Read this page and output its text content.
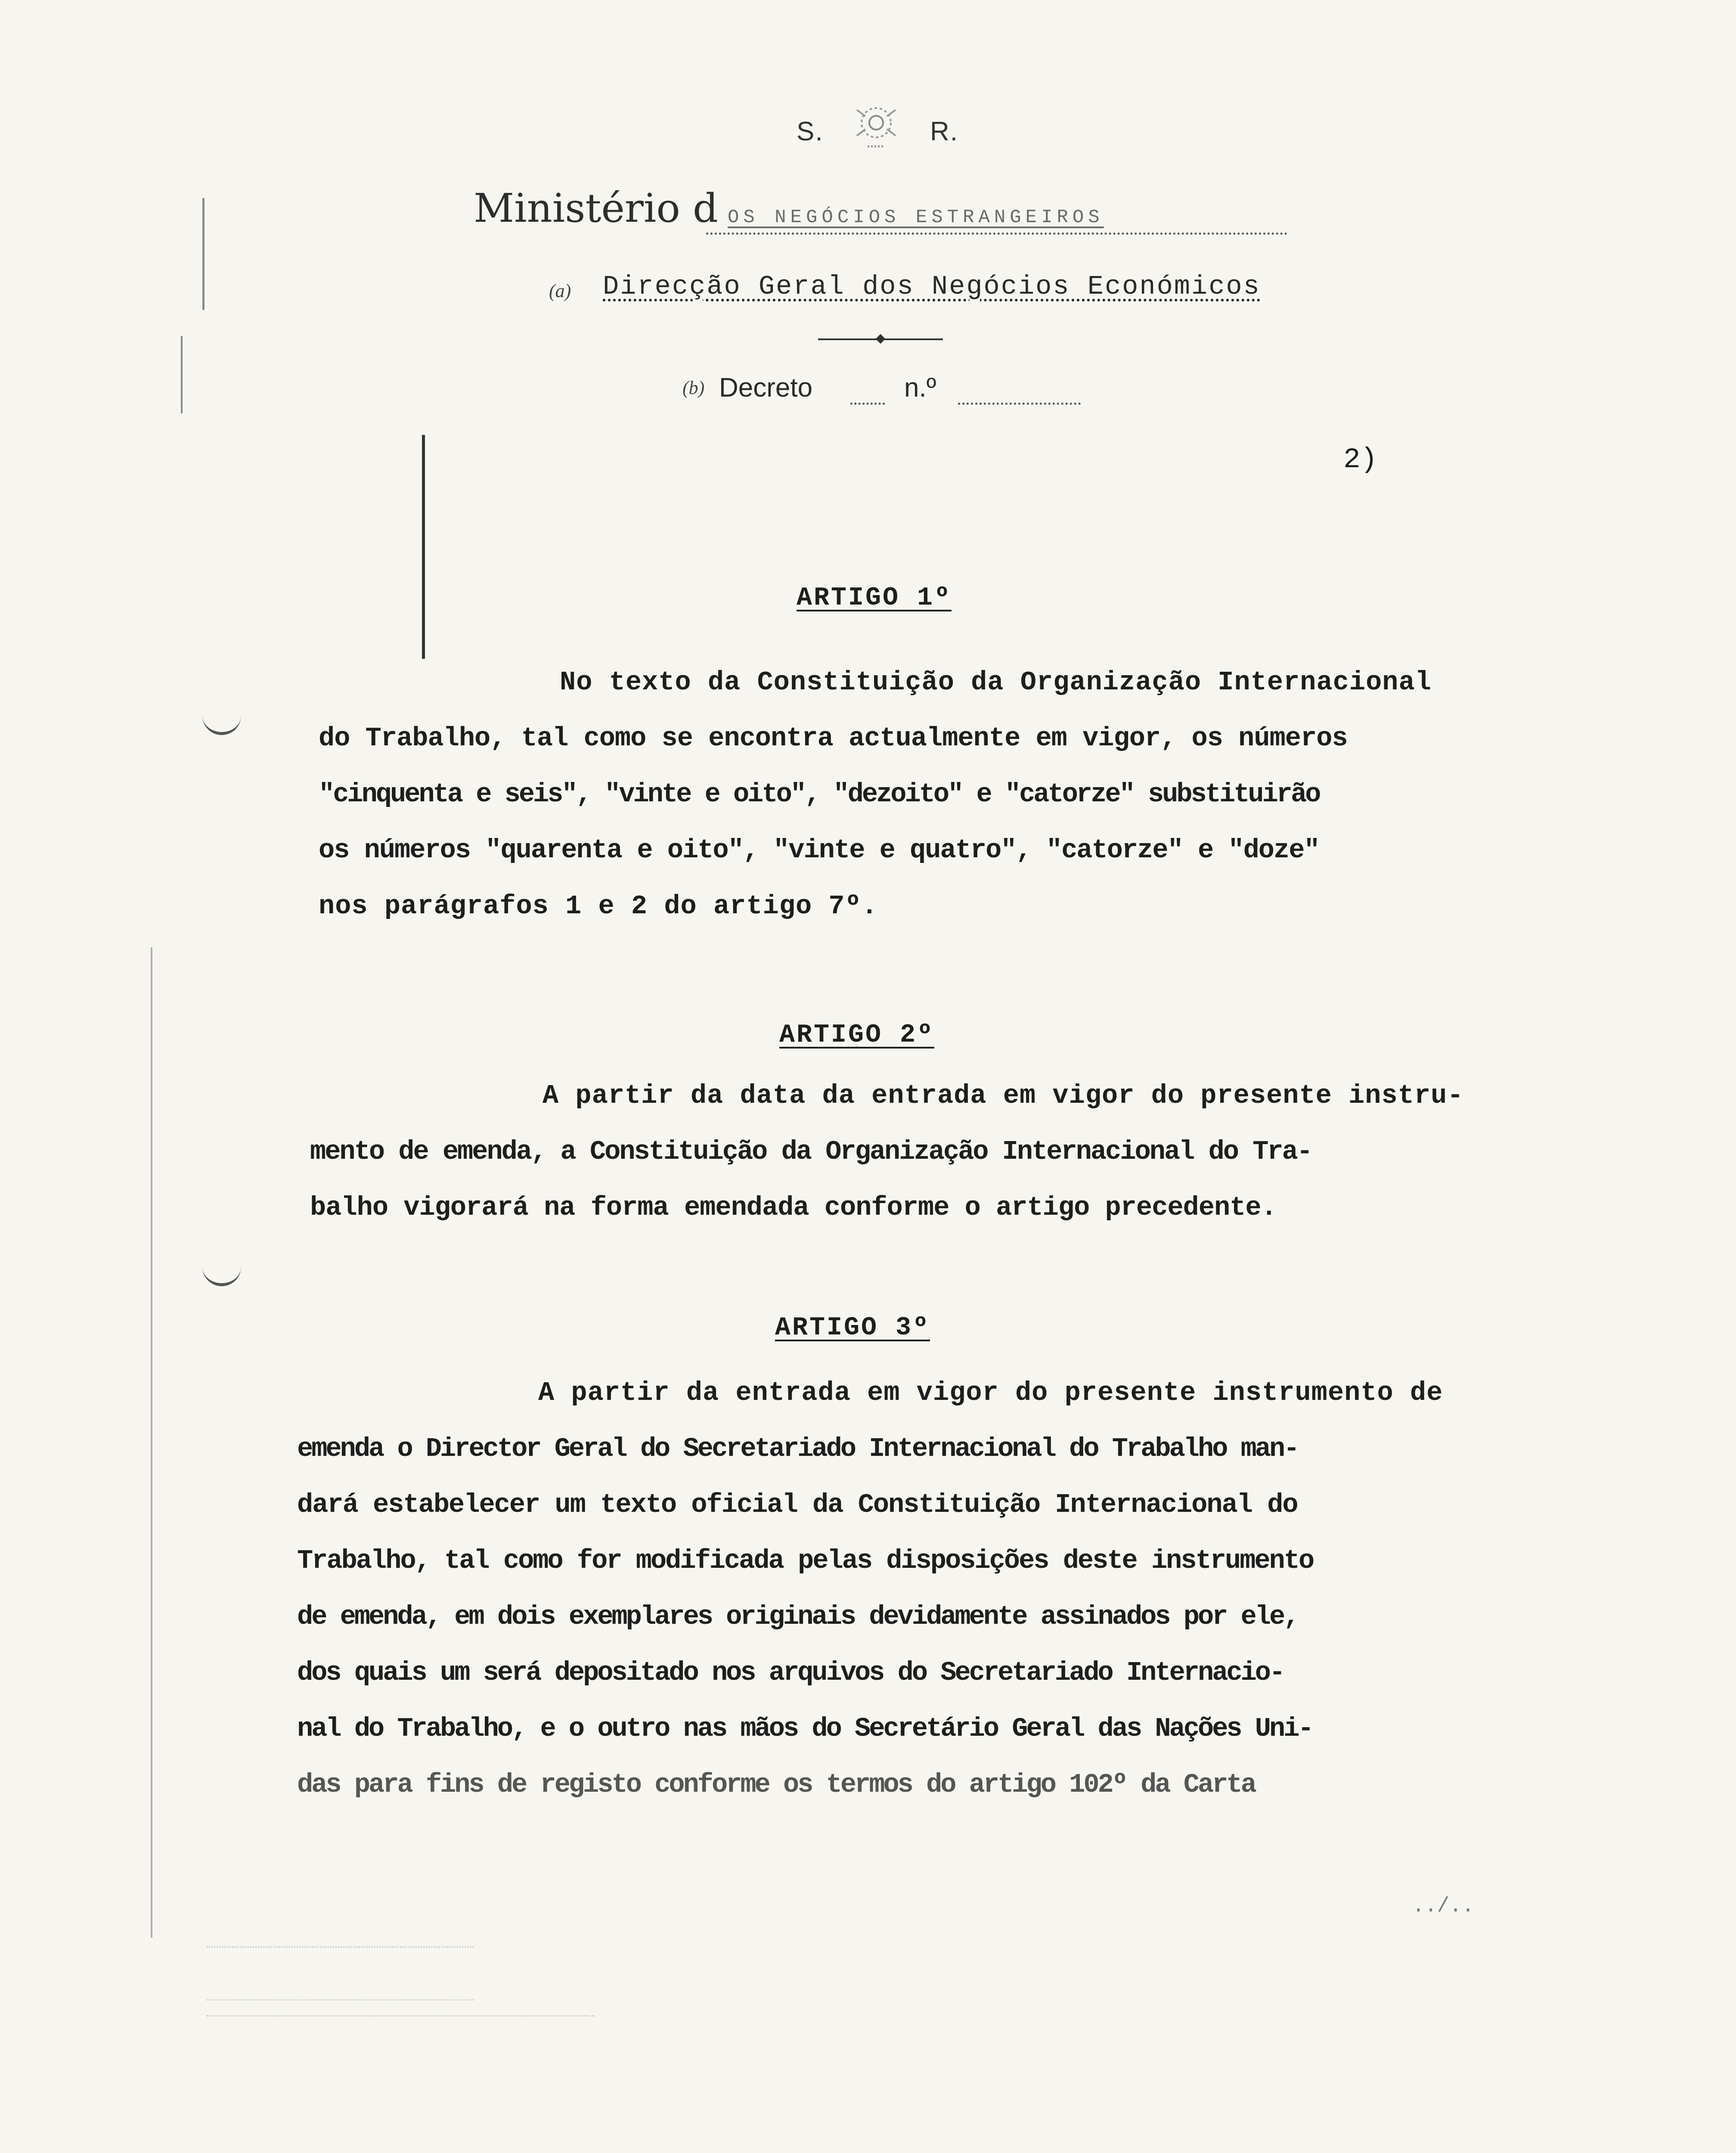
S.	R.
Ministério d OS NEGÓCIOS ESTRANGEIROS
(a) Direcção Geral dos Negócios Económicos
(b) Decreto	n.º
2)
ARTIGO 1º
No texto da Constituição da Organização Internacional
do Trabalho, tal como se encontra actualmente em vigor, os números
"cinquenta e seis", "vinte e oito", "dezoito" e "catorze" substituirão
os números "quarenta e oito", "vinte e quatro", "catorze" e "doze"
nos parágrafos 1 e 2 do artigo 7º.
ARTIGO 2º
A partir da data da entrada em vigor do presente instru-
mento de emenda, a Constituição da Organização Internacional do Tra-
balho vigorará na forma emendada conforme o artigo precedente.
ARTIGO 3º
A partir da entrada em vigor do presente instrumento de
emenda o Director Geral do Secretariado Internacional do Trabalho man-
dará estabelecer um texto oficial da Constituição Internacional do
Trabalho, tal como for modificada pelas disposições deste instrumento
de emenda, em dois exemplares originais devidamente assinados por ele,
dos quais um será depositado nos arquivos do Secretariado Internacio-
nal do Trabalho, e o outro nas mãos do Secretário Geral das Nações Uni-
das para fins de registo conforme os termos do artigo 102º da Carta
../..
